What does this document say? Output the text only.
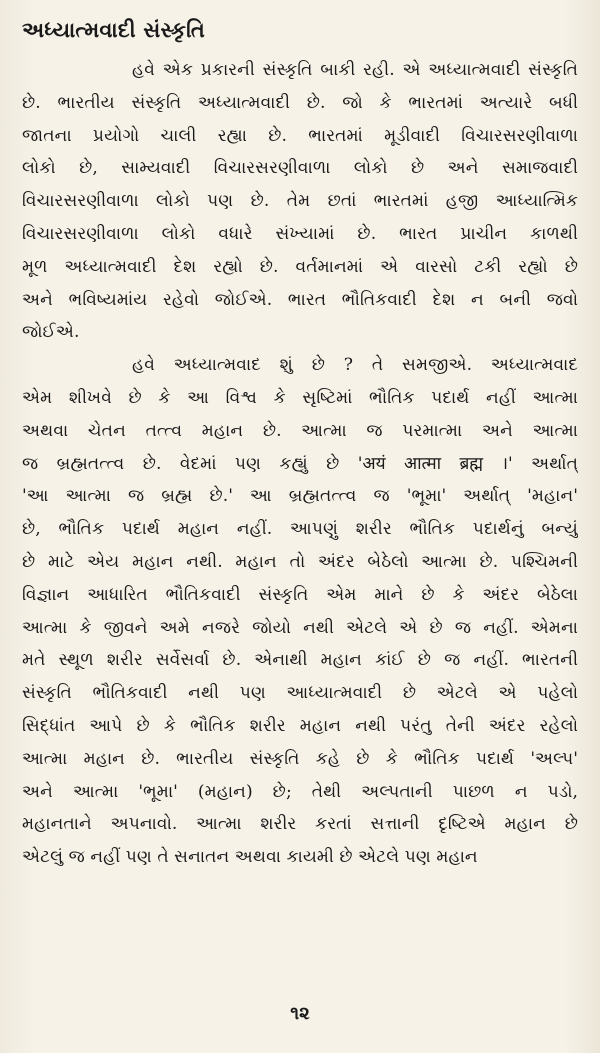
અધ્યાત્મવાદી સંસ્કૃતિ
હવે એક પ્રકારની સંસ્કૃતિ બાકી રહી. એ અધ્યાત્મવાદી સંસ્કૃતિ
છે. ભારતીય સંસ્કૃતિ અધ્યાત્મવાદી છે. જો કે ભારતમાં અત્યારે બધી
જાતના પ્રયોગો ચાલી રહ્યા છે. ભારતમાં મૂડીવાદી વિચારસરણીવાળા
લોકો છે, સામ્યવાદી વિચારસરણીવાળા લોકો છે અને સમાજવાદી
વિચારસરણીવાળા લોકો પણ છે. તેમ છતાં ભારતમાં હજી આધ્યાત્મિક
વિચારસરણીવાળા લોકો વધારે સંખ્યામાં છે. ભારત પ્રાચીન કાળથી
મૂળ અધ્યાત્મવાદી દેશ રહ્યો છે. વર્તમાનમાં એ વારસો ટકી રહ્યો છે
અને ભવિષ્યમાંય રહેવો જોઈએ. ભારત ભૌતિકવાદી દેશ ન બની જવો
જોઈએ.
હવે અધ્યાત્મવાદ શું છે ? તે સમજીએ. અધ્યાત્મવાદ
એમ શીખવે છે કે આ વિશ્વ કે સૃષ્ટિમાં ભૌતિક પદાર્થ નહીં આત્મા
અથવા ચેતન તત્ત્વ મહાન છે. આત્મા જ પરમાત્મા અને આત્મા
જ બ્રહ્મતત્ત્વ છે. વેદમાં પણ કહ્યું છે 'अयं आत्मा ब्रह्म ।' અર્થાત્
'આ આત્મા જ બ્રહ્મ છે.' આ બ્રહ્મતત્ત્વ જ 'ભૂમા' અર્થાત્ 'મહાન'
છે, ભૌતિક પદાર્થ મહાન નહીં. આપણું શરીર ભૌતિક પદાર્થનું બન્યું
છે માટે એય મહાન નથી. મહાન તો અંદર બેઠેલો આત્મા છે. પશ્ચિમની
વિજ્ઞાન આધારિત ભૌતિકવાદી સંસ્કૃતિ એમ માને છે કે અંદર બેઠેલા
આત્મા કે જીવને અમે નજરે જોયો નથી એટલે એ છે જ નહીં. એમના
મતે સ્થૂળ શરીર સર્વેસર્વા છે. એનાથી મહાન કાંઈ છે જ નહીં. ભારતની
સંસ્કૃતિ ભૌતિકવાદી નથી પણ આધ્યાત્મવાદી છે એટલે એ પહેલો
સિદ્ધાંત આપે છે કે ભૌતિક શરીર મહાન નથી પરંતુ તેની અંદર રહેલો
આત્મા મહાન છે. ભારતીય સંસ્કૃતિ કહે છે કે ભૌતિક પદાર્થ 'અલ્પ'
અને આત્મા 'ભૂમા' (મહાન) છે; તેથી અલ્પતાની પાછળ ન પડો,
મહાનતાને અપનાવો. આત્મા શરીર કરતાં સત્તાની દૃષ્ટિએ મહાન છે
એટલું જ નહીં પણ તે સનાતન અથવા કાયમી છે એટલે પણ મહાન
૧૨
